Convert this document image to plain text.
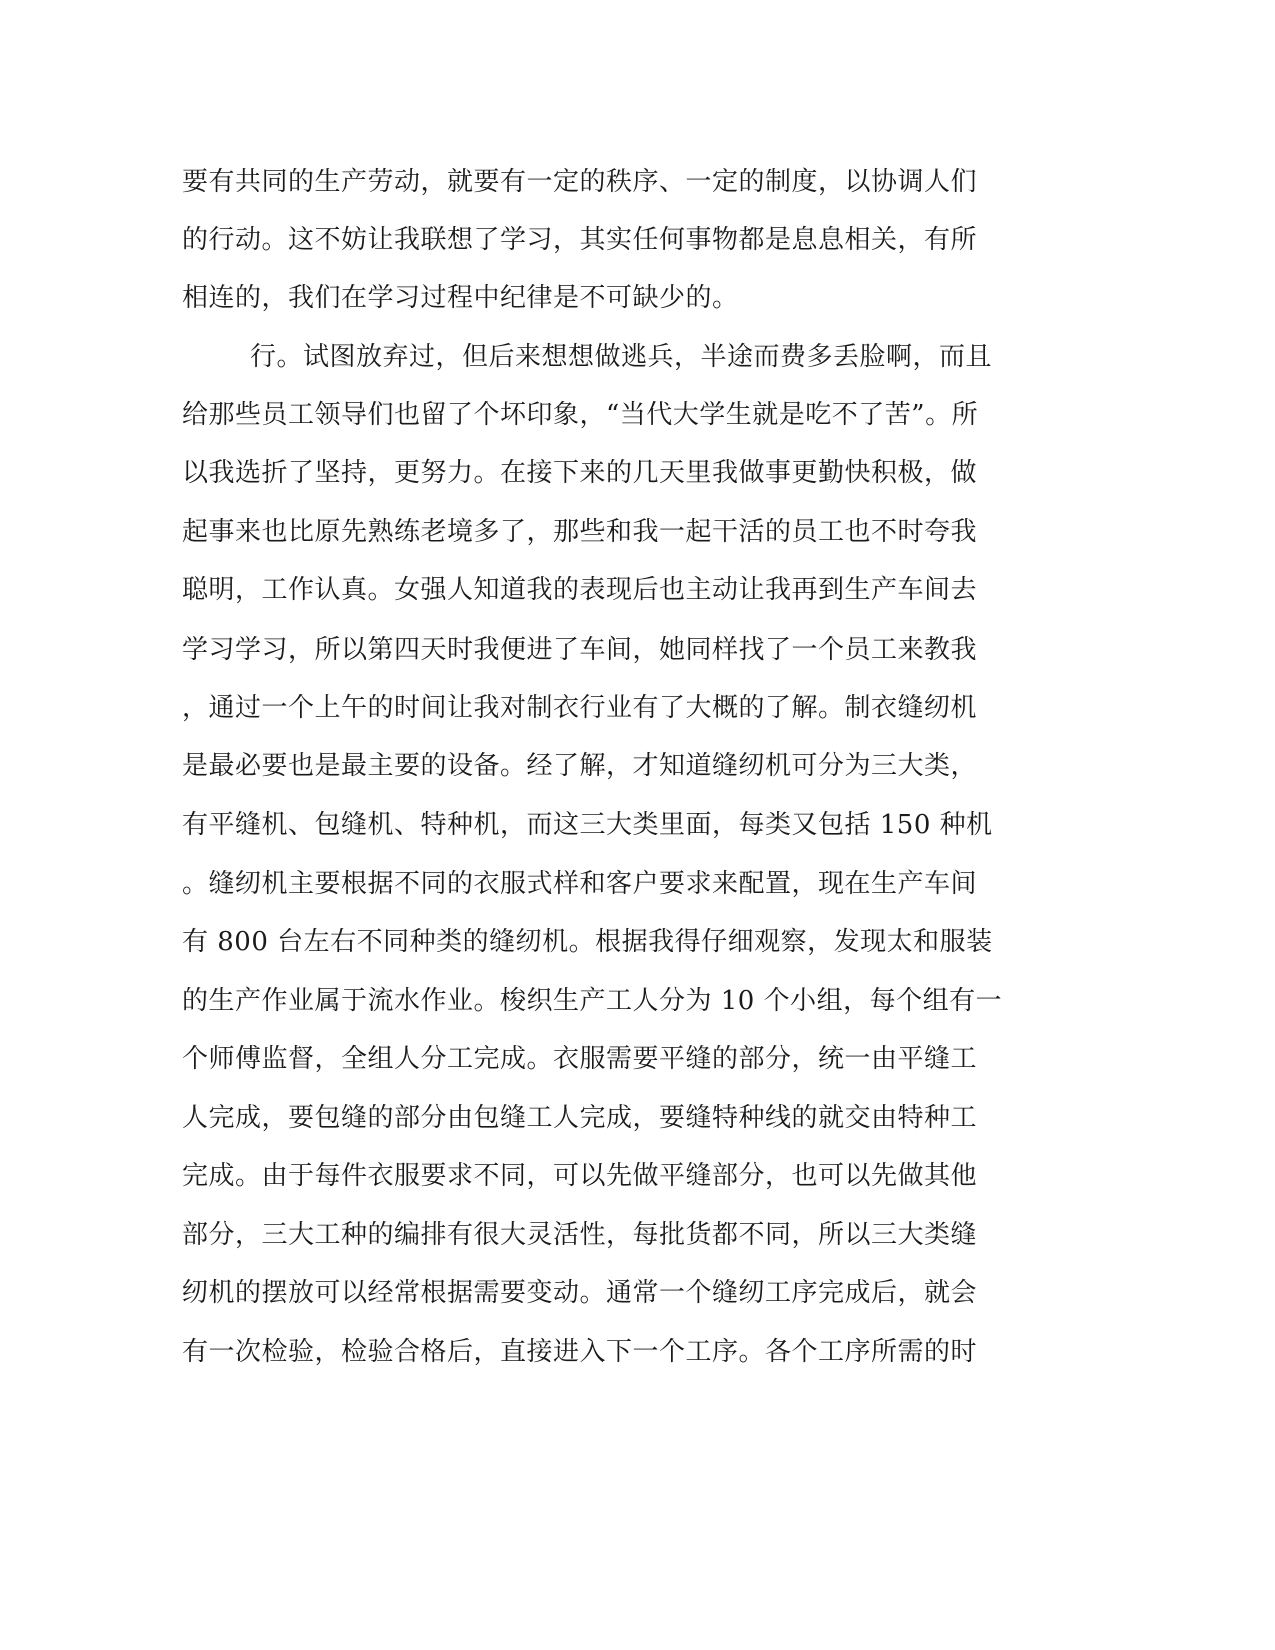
要有共同的生产劳动，就要有一定的秩序、一定的制度，以协调人们
的行动。这不妨让我联想了学习，其实任何事物都是息息相关，有所
相连的，我们在学习过程中纪律是不可缺少的。
行。试图放弃过，但后来想想做逃兵，半途而费多丢脸啊，而且
给那些员工领导们也留了个坏印象，“当代大学生就是吃不了苦”。所
以我选折了坚持，更努力。在接下来的几天里我做事更勤快积极，做
起事来也比原先熟练老境多了，那些和我一起干活的员工也不时夸我
聪明，工作认真。女强人知道我的表现后也主动让我再到生产车间去
学习学习，所以第四天时我便进了车间，她同样找了一个员工来教我
，通过一个上午的时间让我对制衣行业有了大概的了解。制衣缝纫机
是最必要也是最主要的设备。经了解，才知道缝纫机可分为三大类，
有平缝机、包缝机、特种机，而这三大类里面，每类又包括 150 种机
。缝纫机主要根据不同的衣服式样和客户要求来配置，现在生产车间
有 800 台左右不同种类的缝纫机。根据我得仔细观察，发现太和服装
的生产作业属于流水作业。梭织生产工人分为 10 个小组，每个组有一
个师傅监督，全组人分工完成。衣服需要平缝的部分，统一由平缝工
人完成，要包缝的部分由包缝工人完成，要缝特种线的就交由特种工
完成。由于每件衣服要求不同，可以先做平缝部分，也可以先做其他
部分，三大工种的编排有很大灵活性，每批货都不同，所以三大类缝
纫机的摆放可以经常根据需要变动。通常一个缝纫工序完成后，就会
有一次检验，检验合格后，直接进入下一个工序。各个工序所需的时
